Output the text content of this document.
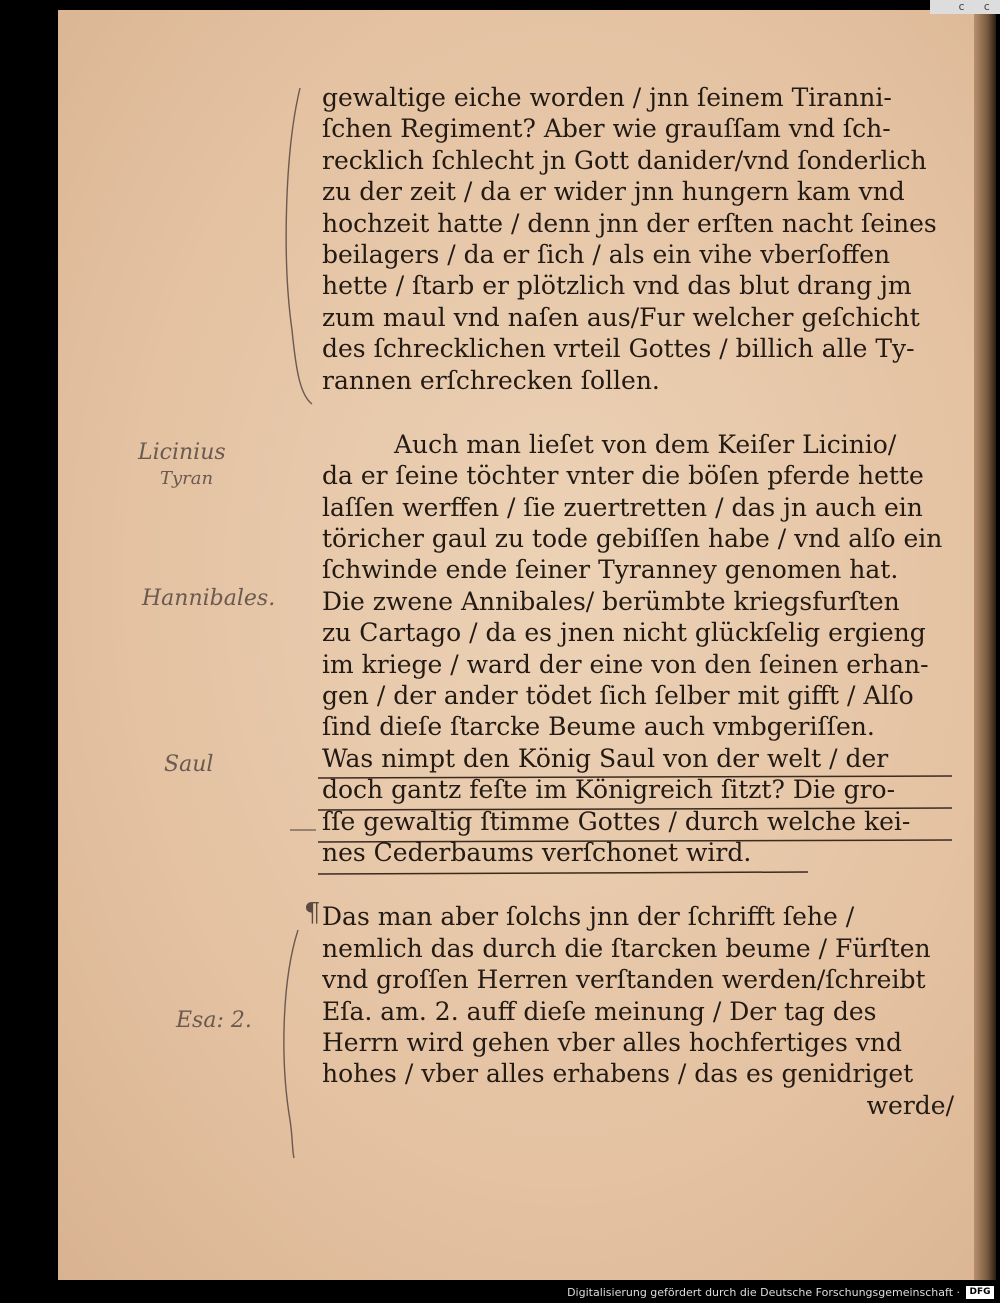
c c
Licinius
Tyran
Hannibales.
Saul
Esa: 2.
¶
gewaltige eiche worden / jnn ſeinem Tiranni-
ſchen Regiment? Aber wie grauſſam vnd ſch-
recklich ſchlecht jn Gott danider/vnd ſonderlich
zu der zeit / da er wider jnn hungern kam vnd
hochzeit hatte / denn jnn der erſten nacht ſeines
beilagers / da er ſich / als ein vihe vberſoffen
hette / ſtarb er plötzlich vnd das blut drang jm
zum maul vnd naſen aus/Fur welcher geſchicht
des ſchrecklichen vrteil Gottes / billich alle Ty-
rannen erſchrecken ſollen.
Auch man lieſet von dem Keiſer Licinio/
da er ſeine töchter vnter die böſen pferde hette
laſſen werffen / ſie zuertretten / das jn auch ein
töricher gaul zu tode gebiſſen habe / vnd alſo ein
ſchwinde ende ſeiner Tyranney genomen hat.
Die zwene Annibales/ berümbte kriegsfurſten
zu Cartago / da es jnen nicht glückſelig ergieng
im kriege / ward der eine von den ſeinen erhan-
gen / der ander tödet ſich ſelber mit gifft / Alſo
ſind dieſe ſtarcke Beume auch vmbgeriſſen.
Was nimpt den König Saul von der welt / der
doch gantz feſte im Königreich ſitzt? Die gro-
ſſe gewaltig ſtimme Gottes / durch welche kei-
nes Cederbaums verſchonet wird.
Das man aber ſolchs jnn der ſchrifft ſehe /
nemlich das durch die ſtarcken beume / Fürſten
vnd groſſen Herren verſtanden werden/ſchreibt
Eſa. am. 2. auff dieſe meinung / Der tag des
Herrn wird gehen vber alles hochfertiges vnd
hohes / vber alles erhabens / das es genidriget
werde/
Digitalisierung gefördert durch die Deutsche Forschungsgemeinschaft ·	DFG
